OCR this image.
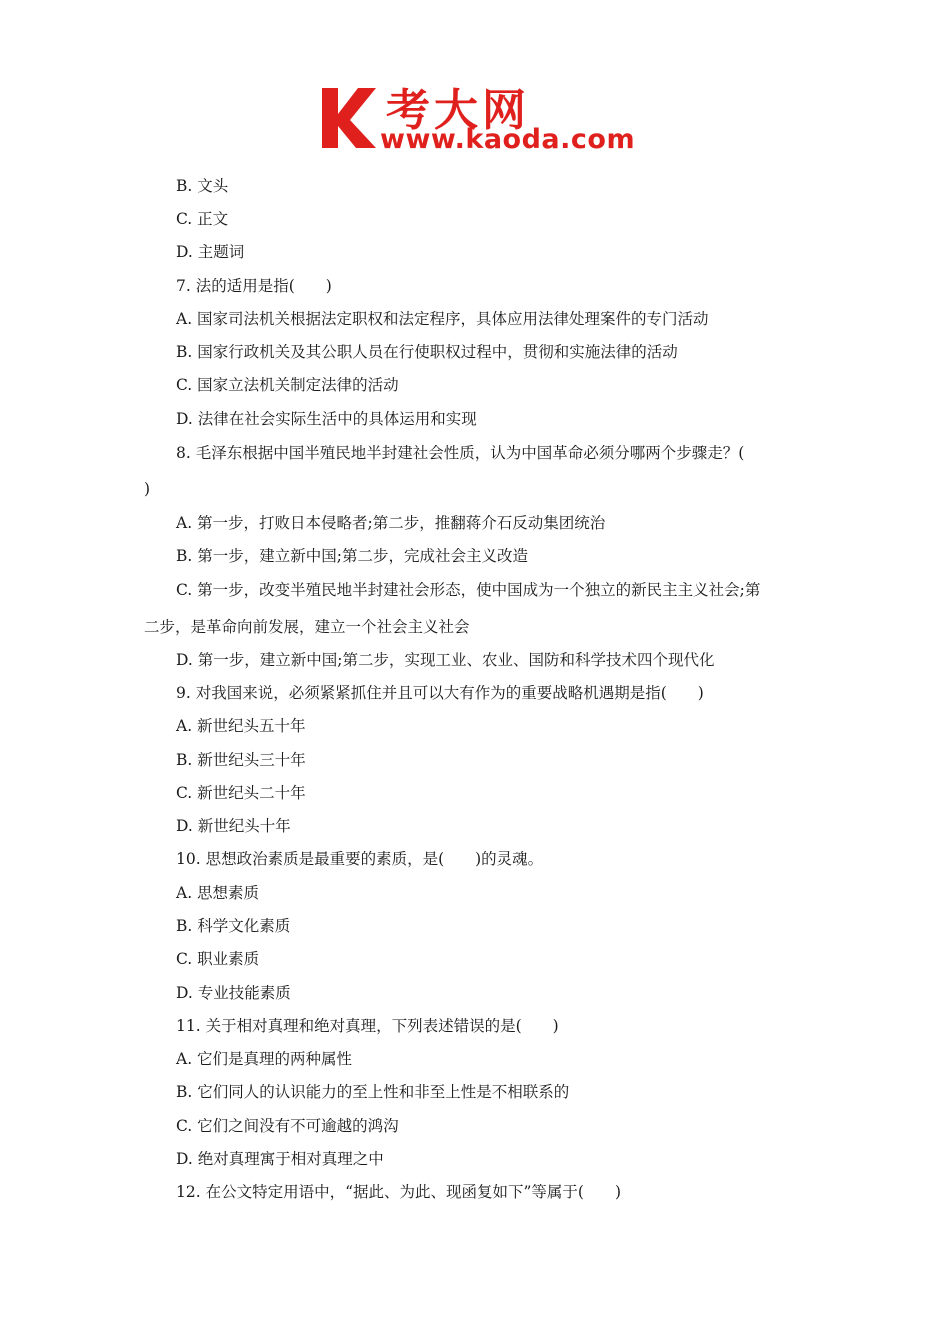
考大网
www.kaoda.com
B. 文头
C. 正文
D. 主题词
7. 法的适用是指(　　)
A. 国家司法机关根据法定职权和法定程序，具体应用法律处理案件的专门活动
B. 国家行政机关及其公职人员在行使职权过程中，贯彻和实施法律的活动
C. 国家立法机关制定法律的活动
D. 法律在社会实际生活中的具体运用和实现
8. 毛泽东根据中国半殖民地半封建社会性质，认为中国革命必须分哪两个步骤走？(
)
A. 第一步，打败日本侵略者;第二步，推翻蒋介石反动集团统治
B. 第一步，建立新中国;第二步，完成社会主义改造
C. 第一步，改变半殖民地半封建社会形态，使中国成为一个独立的新民主主义社会;第
二步，是革命向前发展，建立一个社会主义社会
D. 第一步，建立新中国;第二步，实现工业、农业、国防和科学技术四个现代化
9. 对我国来说，必须紧紧抓住并且可以大有作为的重要战略机遇期是指(　　)
A. 新世纪头五十年
B. 新世纪头三十年
C. 新世纪头二十年
D. 新世纪头十年
10. 思想政治素质是最重要的素质，是(　　)的灵魂。
A. 思想素质
B. 科学文化素质
C. 职业素质
D. 专业技能素质
11. 关于相对真理和绝对真理，下列表述错误的是(　　)
A. 它们是真理的两种属性
B. 它们同人的认识能力的至上性和非至上性是不相联系的
C. 它们之间没有不可逾越的鸿沟
D. 绝对真理寓于相对真理之中
12. 在公文特定用语中，“据此、为此、现函复如下”等属于(　　)
